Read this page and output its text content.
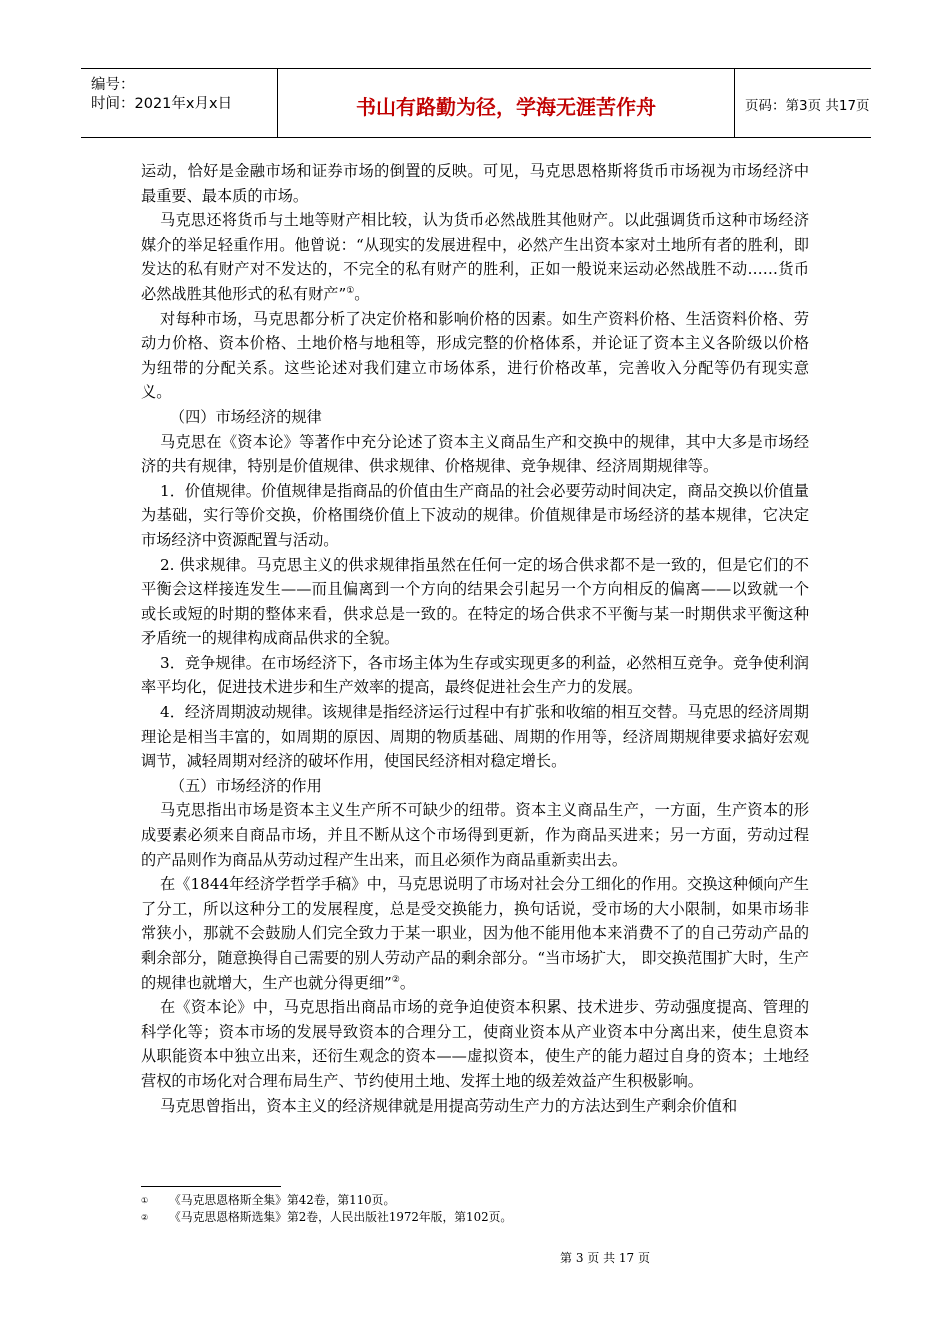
编号：
时间：2021年x月x日	书山有路勤为径，学海无涯苦作舟	页码：第3页 共17页

运动，恰好是金融市场和证券市场的倒置的反映。可见，马克思恩格斯将货币市场视为市场经济中最重要、最本质的市场。

马克思还将货币与土地等财产相比较，认为货币必然战胜其他财产。以此强调货币这种市场经济媒介的举足轻重作用。他曾说：“从现实的发展进程中，必然产生出资本家对土地所有者的胜利，即发达的私有财产对不发达的，不完全的私有财产的胜利，正如一般说来运动必然战胜不动……货币必然战胜其他形式的私有财产”①。

对每种市场，马克思都分析了决定价格和影响价格的因素。如生产资料价格、生活资料价格、劳动力价格、资本价格、土地价格与地租等，形成完整的价格体系，并论证了资本主义各阶级以价格为纽带的分配关系。这些论述对我们建立市场体系，进行价格改革，完善收入分配等仍有现实意义。

（四）市场经济的规律

马克思在《资本论》等著作中充分论述了资本主义商品生产和交换中的规律，其中大多是市场经济的共有规律，特别是价值规律、供求规律、价格规律、竞争规律、经济周期规律等。

1．价值规律。价值规律是指商品的价值由生产商品的社会必要劳动时间决定，商品交换以价值量为基础，实行等价交换，价格围绕价值上下波动的规律。价值规律是市场经济的基本规律，它决定市场经济中资源配置与活动。

2. 供求规律。马克思主义的供求规律指虽然在任何一定的场合供求都不是一致的，但是它们的不平衡会这样接连发生——而且偏离到一个方向的结果会引起另一个方向相反的偏离——以致就一个或长或短的时期的整体来看，供求总是一致的。在特定的场合供求不平衡与某一时期供求平衡这种矛盾统一的规律构成商品供求的全貌。

3．竞争规律。在市场经济下，各市场主体为生存或实现更多的利益，必然相互竞争。竞争使利润率平均化，促进技术进步和生产效率的提高，最终促进社会生产力的发展。

4．经济周期波动规律。该规律是指经济运行过程中有扩张和收缩的相互交替。马克思的经济周期理论是相当丰富的，如周期的原因、周期的物质基础、周期的作用等，经济周期规律要求搞好宏观调节，减轻周期对经济的破坏作用，使国民经济相对稳定增长。

（五）市场经济的作用

马克思指出市场是资本主义生产所不可缺少的纽带。资本主义商品生产，一方面，生产资本的形成要素必须来自商品市场，并且不断从这个市场得到更新，作为商品买进来；另一方面，劳动过程的产品则作为商品从劳动过程产生出来，而且必须作为商品重新卖出去。

在《1844年经济学哲学手稿》中，马克思说明了市场对社会分工细化的作用。交换这种倾向产生了分工，所以这种分工的发展程度，总是受交换能力，换句话说，受市场的大小限制，如果市场非常狭小，那就不会鼓励人们完全致力于某一职业，因为他不能用他本来消费不了的自己劳动产品的剩余部分，随意换得自己需要的别人劳动产品的剩余部分。“当市场扩大， 即交换范围扩大时，生产的规律也就增大，生产也就分得更细”②。

在《资本论》中，马克思指出商品市场的竞争迫使资本积累、技术进步、劳动强度提高、管理的科学化等；资本市场的发展导致资本的合理分工，使商业资本从产业资本中分离出来，使生息资本从职能资本中独立出来，还衍生观念的资本——虚拟资本，使生产的能力超过自身的资本；土地经营权的市场化对合理布局生产、节约使用土地、发挥土地的级差效益产生积极影响。

马克思曾指出，资本主义的经济规律就是用提高劳动生产力的方法达到生产剩余价值和

① 《马克思恩格斯全集》第42卷，第110页。

② 《马克思恩格斯选集》第2卷，人民出版社1972年版，第102页。

第 3 页 共 17 页
